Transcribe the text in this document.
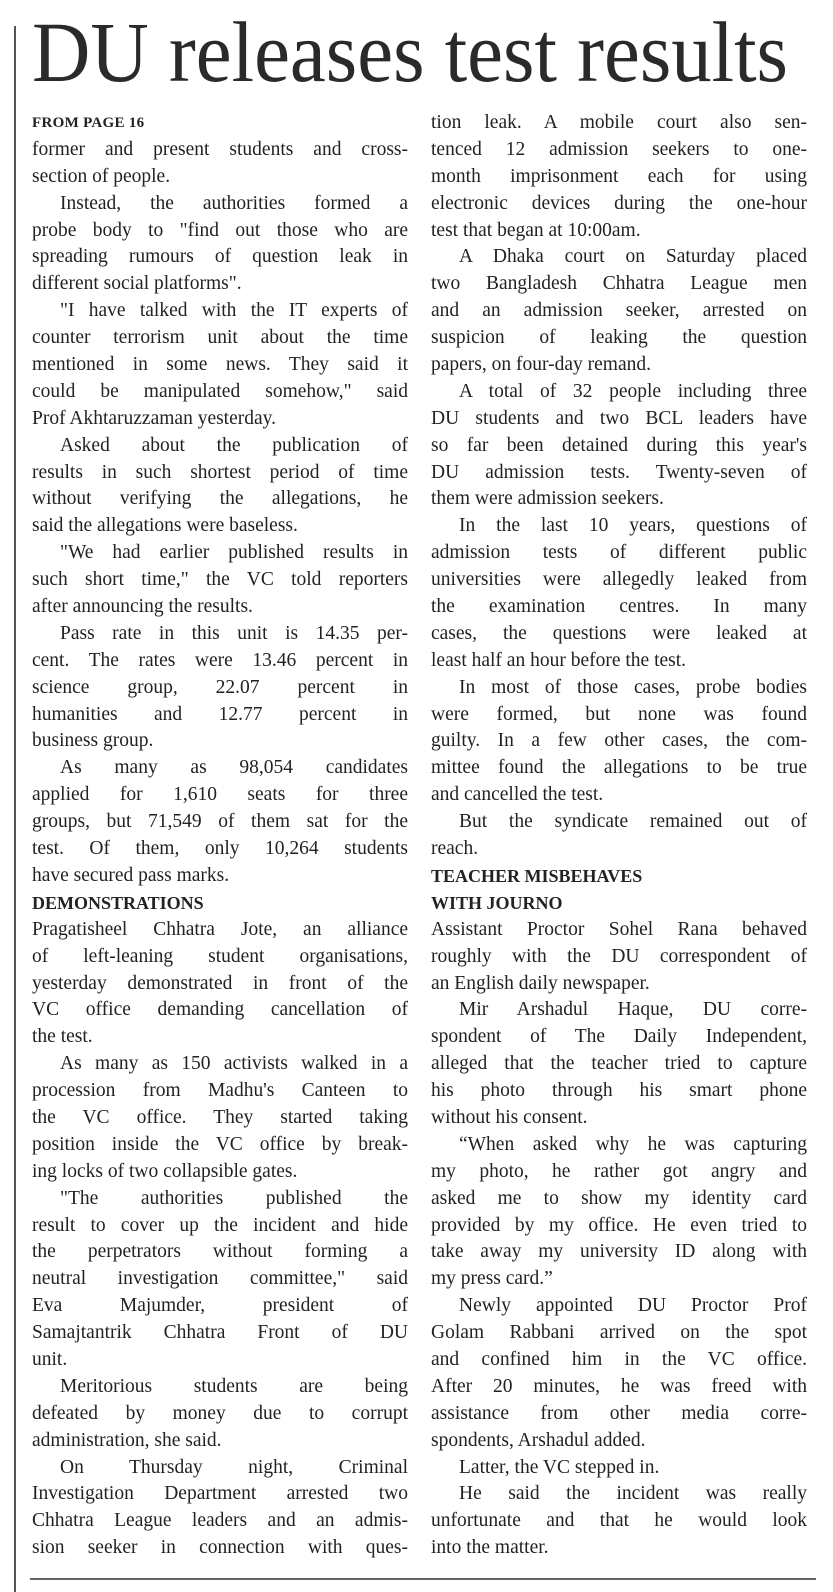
DU releases test results
FROM PAGE 16
former and present students and cross-
section of people.
Instead, the authorities formed a
probe body to "find out those who are
spreading rumours of question leak in
different social platforms".
"I have talked with the IT experts of
counter terrorism unit about the time
mentioned in some news. They said it
could be manipulated somehow," said
Prof Akhtaruzzaman yesterday.
Asked about the publication of
results in such shortest period of time
without verifying the allegations, he
said the allegations were baseless.
"We had earlier published results in
such short time," the VC told reporters
after announcing the results.
Pass rate in this unit is 14.35 per-
cent. The rates were 13.46 percent in
science group, 22.07 percent in
humanities and 12.77 percent in
business group.
As many as 98,054 candidates
applied for 1,610 seats for three
groups, but 71,549 of them sat for the
test. Of them, only 10,264 students
have secured pass marks.
DEMONSTRATIONS
Pragatisheel Chhatra Jote, an alliance
of left-leaning student organisations,
yesterday demonstrated in front of the
VC office demanding cancellation of
the test.
As many as 150 activists walked in a
procession from Madhu's Canteen to
the VC office. They started taking
position inside the VC office by break-
ing locks of two collapsible gates.
"The authorities published the
result to cover up the incident and hide
the perpetrators without forming a
neutral investigation committee," said
Eva Majumder, president of
Samajtantrik Chhatra Front of DU
unit.
Meritorious students are being
defeated by money due to corrupt
administration, she said.
On Thursday night, Criminal
Investigation Department arrested two
Chhatra League leaders and an admis-
sion seeker in connection with ques-
tion leak. A mobile court also sen-
tenced 12 admission seekers to one-
month imprisonment each for using
electronic devices during the one-hour
test that began at 10:00am.
A Dhaka court on Saturday placed
two Bangladesh Chhatra League men
and an admission seeker, arrested on
suspicion of leaking the question
papers, on four-day remand.
A total of 32 people including three
DU students and two BCL leaders have
so far been detained during this year's
DU admission tests. Twenty-seven of
them were admission seekers.
In the last 10 years, questions of
admission tests of different public
universities were allegedly leaked from
the examination centres. In many
cases, the questions were leaked at
least half an hour before the test.
In most of those cases, probe bodies
were formed, but none was found
guilty. In a few other cases, the com-
mittee found the allegations to be true
and cancelled the test.
But the syndicate remained out of
reach.
TEACHER MISBEHAVES
WITH JOURNO
Assistant Proctor Sohel Rana behaved
roughly with the DU correspondent of
an English daily newspaper.
Mir Arshadul Haque, DU corre-
spondent of The Daily Independent,
alleged that the teacher tried to capture
his photo through his smart phone
without his consent.
“When asked why he was capturing
my photo, he rather got angry and
asked me to show my identity card
provided by my office. He even tried to
take away my university ID along with
my press card.”
Newly appointed DU Proctor Prof
Golam Rabbani arrived on the spot
and confined him in the VC office.
After 20 minutes, he was freed with
assistance from other media corre-
spondents, Arshadul added.
Latter, the VC stepped in.
He said the incident was really
unfortunate and that he would look
into the matter.
